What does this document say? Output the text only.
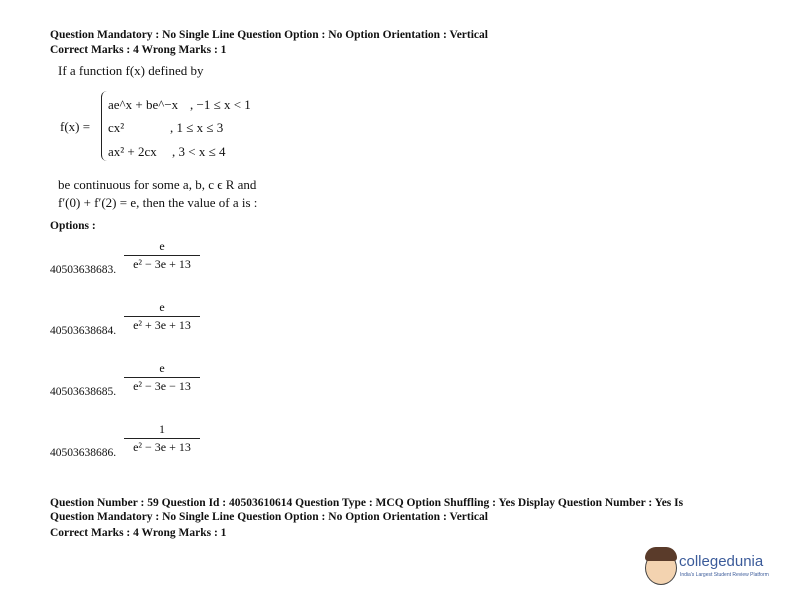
Question Mandatory : No Single Line Question Option : No Option Orientation : Vertical
Correct Marks : 4 Wrong Marks : 1
If a function f(x) defined by
f(x) =
ae^x + be^−x , −1 ≤ x < 1
cx²	, 1 ≤ x ≤ 3
ax² + 2cx , 3 < x ≤ 4
be continuous for some a, b, c ϵ R and
f′(0) + f′(2) = e, then the value of a is :
Options :
e
e² − 3e + 13
40503638683.
e
e² + 3e + 13
40503638684.
e
e² − 3e − 13
40503638685.
1
e² − 3e + 13
40503638686.
Question Number : 59 Question Id : 40503610614 Question Type : MCQ Option Shuffling : Yes Display Question Number : Yes Is
Question Mandatory : No Single Line Question Option : No Option Orientation : Vertical
Correct Marks : 4 Wrong Marks : 1
collegedunia
India's Largest Student Review Platform
